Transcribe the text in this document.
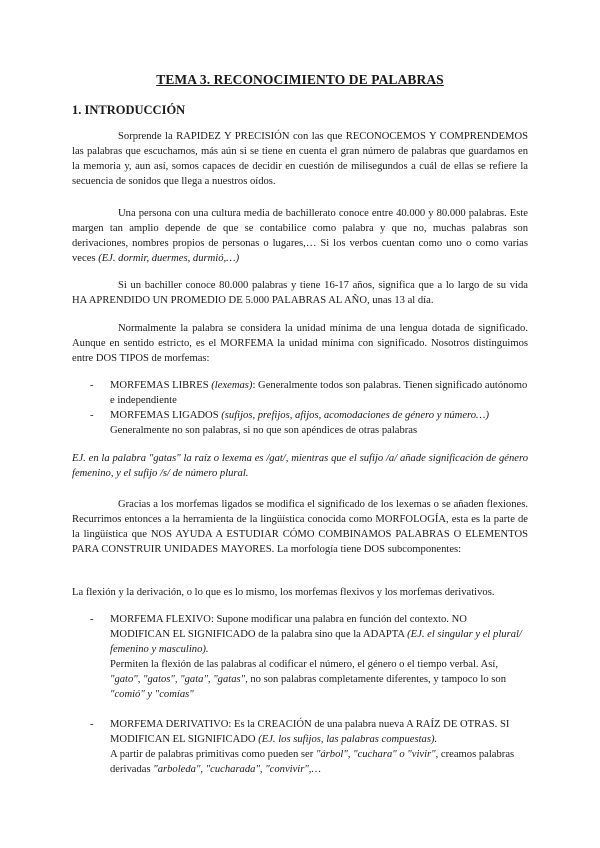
TEMA 3. RECONOCIMIENTO DE PALABRAS
1. INTRODUCCIÓN
Sorprende la RAPIDEZ Y PRECISIÓN con las que RECONOCEMOS Y COMPRENDEMOS las palabras que escuchamos, más aún si se tiene en cuenta el gran número de palabras que guardamos en la memoria y, aun así, somos capaces de decidir en cuestión de milisegundos a cuál de ellas se refiere la secuencia de sonidos que llega a nuestros oídos.
Una persona con una cultura media de bachillerato conoce entre 40.000 y 80.000 palabras. Este margen tan amplio depende de que se contabilice como palabra y que no, muchas palabras son derivaciones, nombres propios de personas o lugares,… Si los verbos cuentan como uno o como varias veces (EJ. dormir, duermes, durmió,…)
Si un bachiller conoce 80.000 palabras y tiene 16-17 años, significa que a lo largo de su vida HA APRENDIDO UN PROMEDIO DE 5.000 PALABRAS AL AÑO, unas 13 al día.
Normalmente la palabra se considera la unidad mínima de una lengua dotada de significado. Aunque en sentido estricto, es el MORFEMA la unidad mínima con significado. Nosotros distinguimos entre DOS TIPOS de morfemas:
- MORFEMAS LIBRES (lexemas): Generalmente todos son palabras. Tienen significado autónomo e independiente
- MORFEMAS LIGADOS (sufijos, prefijos, afijos, acomodaciones de género y número…)
Generalmente no son palabras, si no que son apéndices de otras palabras
EJ. en la palabra "gatas" la raíz o lexema es /gat/, mientras que el sufijo /a/ añade significación de género femenino, y el sufijo /s/ de número plural.
Gracias a los morfemas ligados se modifica el significado de los lexemas o se añaden flexiones. Recurrimos entonces a la herramienta de la lingüística conocida como MORFOLOGÍA, esta es la parte de la lingüística que NOS AYUDA A ESTUDIAR CÓMO COMBINAMOS PALABRAS O ELEMENTOS PARA CONSTRUIR UNIDADES MAYORES. La morfología tiene DOS subcomponentes:
La flexión y la derivación, o lo que es lo mismo, los morfemas flexivos y los morfemas derivativos.
- MORFEMA FLEXIVO: Supone modificar una palabra en función del contexto. NO MODIFICAN EL SIGNIFICADO de la palabra sino que la ADAPTA (EJ. el singular y el plural/ femenino y masculino).
Permiten la flexión de las palabras al codificar el número, el género o el tiempo verbal. Así, "gato", "gatos", "gata", "gatas", no son palabras completamente diferentes, y tampoco lo son "comió" y "comías"
- MORFEMA DERIVATIVO: Es la CREACIÓN de una palabra nueva A RAÍZ DE OTRAS. SI MODIFICAN EL SIGNIFICADO (EJ. los sufijos, las palabras compuestas).
A partir de palabras primitivas como pueden ser "árbol", "cuchara" o "vivir", creamos palabras derivadas "arboleda", "cucharada", "convivir",…
